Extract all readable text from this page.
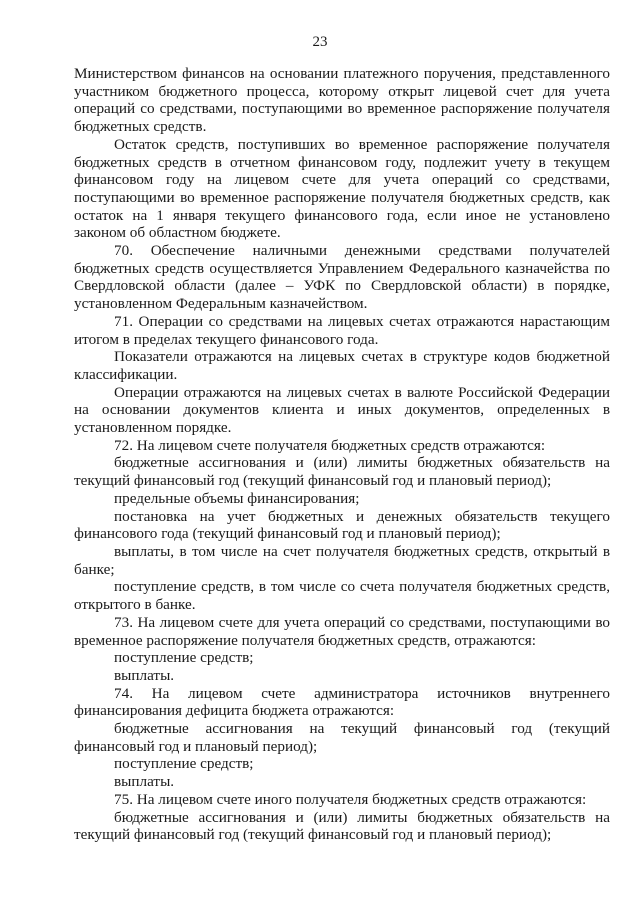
23

Министерством финансов на основании платежного поручения, представленного участником бюджетного процесса, которому открыт лицевой счет для учета операций со средствами, поступающими во временное распоряжение получателя бюджетных средств.

Остаток средств, поступивших во временное распоряжение получателя бюджетных средств в отчетном финансовом году, подлежит учету в текущем финансовом году на лицевом счете для учета операций со средствами, поступающими во временное распоряжение получателя бюджетных средств, как остаток на 1 января текущего финансового года, если иное не установлено законом об областном бюджете.

70. Обеспечение наличными денежными средствами получателей бюджетных средств осуществляется Управлением Федерального казначейства по Свердловской области (далее – УФК по Свердловской области) в порядке, установленном Федеральным казначейством.

71. Операции со средствами на лицевых счетах отражаются нарастающим итогом в пределах текущего финансового года.

Показатели отражаются на лицевых счетах в структуре кодов бюджетной классификации.

Операции отражаются на лицевых счетах в валюте Российской Федерации на основании документов клиента и иных документов, определенных в установленном порядке.

72. На лицевом счете получателя бюджетных средств отражаются:

бюджетные ассигнования и (или) лимиты бюджетных обязательств на текущий финансовый год (текущий финансовый год и плановый период);

предельные объемы финансирования;

постановка на учет бюджетных и денежных обязательств текущего финансового года (текущий финансовый год и плановый период);

выплаты, в том числе на счет получателя бюджетных средств, открытый в банке;

поступление средств, в том числе со счета получателя бюджетных средств, открытого в банке.

73. На лицевом счете для учета операций со средствами, поступающими во временное распоряжение получателя бюджетных средств, отражаются:

поступление средств;

выплаты.

74. На лицевом счете администратора источников внутреннего финансирования дефицита бюджета отражаются:

бюджетные ассигнования на текущий финансовый год (текущий финансовый год и плановый период);

поступление средств;

выплаты.

75. На лицевом счете иного получателя бюджетных средств отражаются:

бюджетные ассигнования и (или) лимиты бюджетных обязательств на текущий финансовый год (текущий финансовый год и плановый период);
